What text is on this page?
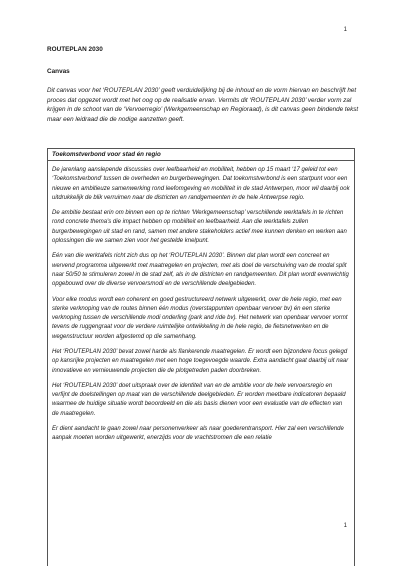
1

ROUTEPLAN 2030

Canvas

Dit canvas voor het ‘ROUTEPLAN 2030’ geeft verduidelijking bij de inhoud en de vorm hiervan en beschrijft het proces dat opgezet wordt met het oog op de realisatie ervan. Vermits dit ‘ROUTEPLAN 2030’ verder vorm zal krijgen in de schoot van de ‘Vervoerregio’ (Werkgemeenschap en Regioraad), is dit canvas geen bindende tekst maar een leidraad die de nodige aanzetten geeft.

Toekomstverbond voor stad én regio

De jarenlang aanslepende discussies over leefbaarheid en mobiliteit, hebben op 15 maart ‘17 geleid tot een ‘Toekomstverbond’ tussen de overheden en burgerbewegingen. Dat toekomstverbond is een startpunt voor een nieuwe en ambitieuze samenwerking rond leefomgeving en mobiliteit in de stad Antwerpen, moor wil daarbij ook uitdrukkelijk de blik verruimen naar de districten en randgemeenten in de hele Antwerpse regio.

De ambitie bestaat erin om binnen een op te richten ‘Werkgemeenschap’ verschillende werktafels in te richten rond concrete thema’s die impact hebben op mobiliteit en leefbaarheid. Aan die werktafels zullen burgerbewegingen uit stad en rand, samen met andere stakeholders actief mee kunnen denken en werken aan oplossingen die we samen zien voor het gestelde knelpunt.

Eén van die werktafels richt zich dus op het ‘ROUTEPLAN 2030’. Binnen dat plan wordt een concreet en wervend programma uitgewerkt met maatregelen en projecten, met als doel de verschuiving van de modal split naar 50/50 te stimuleren zowel in de stad zelf, als in de districten en randgemeenten. Dit plan wordt evenwichtig opgebouwd over de diverse vervoersmodi en de verschillende deelgebieden.

Voor elke modus wordt een coherent en goed gestructureerd netwerk uitgewerkt, over de hele regio, met een sterke verknoping van de routes binnen één modus (overstappunten openbaar vervoer bv) én een sterke verknoping tussen de verschillende modi onderling (park and ride bv). Het netwerk van openbaar vervoer vormt tevens de ruggengraat voor de verdere ruimtelijke ontwikkeling in de hele regio, de fietsnetwerken en de wegenstructuur worden afgestemd op die samenhang.

Het ‘ROUTEPLAN 2030’ bevat zowel harde als flankerende maatregelen. Er wordt een bijzondere focus gelegd op kansrijke projecten en maatregelen met een hoge toegevoegde waarde. Extra aandacht gaat daarbij uit naar innovatieve en vernieuwende projecten die de plotgetreden paden doorbreken.

Het ‘ROUTEPLAN 2030’ doet uitspraak over de identiteit van en de ambitie voor de hele vervoersregio en verfijnt de doelstellingen op maat van de verschillende deelgebieden. Er worden meetbare indicatoren bepaald waarmee de huidige situatie wordt beoordeeld en die als basis dienen voor een evaluatie van de effecten van de maatregelen.

Er dient aandacht te gaan zowel naar personenverkeer als naar goederentransport. Hier zal een verschillende aanpak moeten worden uitgewerkt, enerzijds voor de vrachtstromen die een relatie

1
